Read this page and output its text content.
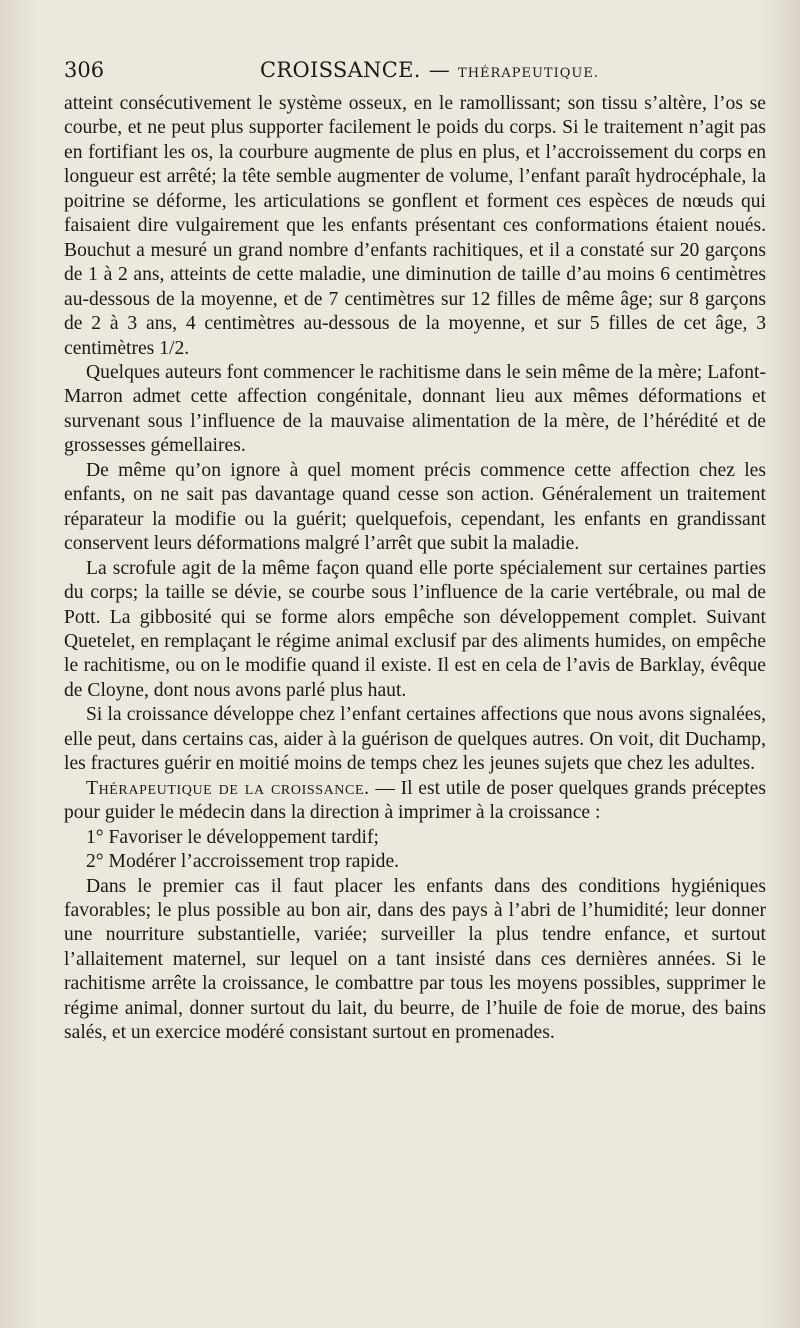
306	CROISSANCE. — THÉRAPEUTIQUE.

atteint consécutivement le système osseux, en le ramollissant; son tissu s’altère, l’os se courbe, et ne peut plus supporter facilement le poids du corps. Si le traitement n’agit pas en fortifiant les os, la courbure augmente de plus en plus, et l’accroissement du corps en longueur est arrêté; la tête semble augmenter de volume, l’enfant paraît hydrocéphale, la poitrine se déforme, les articulations se gonflent et forment ces espèces de nœuds qui faisaient dire vulgairement que les enfants présentant ces conformations étaient noués. Bouchut a mesuré un grand nombre d’enfants rachitiques, et il a constaté sur 20 garçons de 1 à 2 ans, atteints de cette maladie, une diminution de taille d’au moins 6 centimètres au-dessous de la moyenne, et de 7 centimètres sur 12 filles de même âge; sur 8 garçons de 2 à 3 ans, 4 centimètres au-dessous de la moyenne, et sur 5 filles de cet âge, 3 centimètres 1/2.

Quelques auteurs font commencer le rachitisme dans le sein même de la mère; Lafont-Marron admet cette affection congénitale, donnant lieu aux mêmes déformations et survenant sous l’influence de la mauvaise alimentation de la mère, de l’hérédité et de grossesses gémellaires.

De même qu’on ignore à quel moment précis commence cette affection chez les enfants, on ne sait pas davantage quand cesse son action. Généralement un traitement réparateur la modifie ou la guérit; quelquefois, cependant, les enfants en grandissant conservent leurs déformations malgré l’arrêt que subit la maladie.

La scrofule agit de la même façon quand elle porte spécialement sur certaines parties du corps; la taille se dévie, se courbe sous l’influence de la carie vertébrale, ou mal de Pott. La gibbosité qui se forme alors empêche son développement complet. Suivant Quetelet, en remplaçant le régime animal exclusif par des aliments humides, on empêche le rachitisme, ou on le modifie quand il existe. Il est en cela de l’avis de Barklay, évêque de Cloyne, dont nous avons parlé plus haut.

Si la croissance développe chez l’enfant certaines affections que nous avons signalées, elle peut, dans certains cas, aider à la guérison de quelques autres. On voit, dit Duchamp, les fractures guérir en moitié moins de temps chez les jeunes sujets que chez les adultes.

Thérapeutique de la croissance. — Il est utile de poser quelques grands préceptes pour guider le médecin dans la direction à imprimer à la croissance :

1° Favoriser le développement tardif;

2° Modérer l’accroissement trop rapide.

Dans le premier cas il faut placer les enfants dans des conditions hygiéniques favorables; le plus possible au bon air, dans des pays à l’abri de l’humidité; leur donner une nourriture substantielle, variée; surveiller la plus tendre enfance, et surtout l’allaitement maternel, sur lequel on a tant insisté dans ces dernières années. Si le rachitisme arrête la croissance, le combattre par tous les moyens possibles, supprimer le régime animal, donner surtout du lait, du beurre, de l’huile de foie de morue, des bains salés, et un exercice modéré consistant surtout en promenades.
